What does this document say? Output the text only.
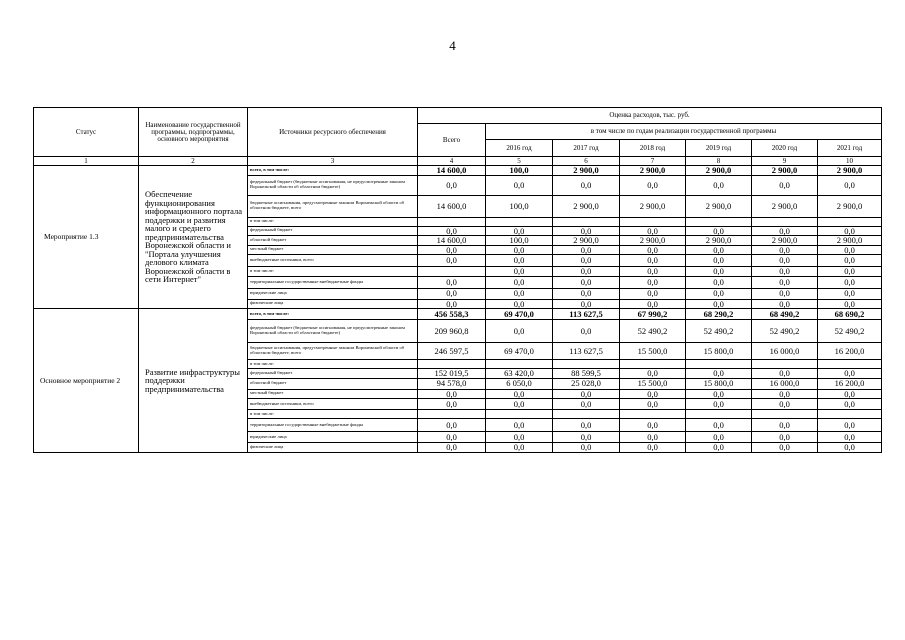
4
Статус	Наименование государственной программы, подпрограммы, основного мероприятия	Источники ресурсного обеспечения	Оценка расходов, тыс. руб.						
			Всего	в том числе по годам реализации государственной программы					
				2016 год	2017 год	2018 год	2019 год	2020 год	2021 год
1	2	3	4	5	6	7	8	9	10
Мероприятие 1.3	Обеспечение функционирования информационного портала поддержки и развития малого и среднего предпринимательства Воронежской области и "Портала улучшения делового климата Воронежской области в сети Интернет"	всего, в том числе:	14 600,0	100,0	2 900,0	2 900,0	2 900,0	2 900,0	2 900,0
		федеральный бюджет (бюджетные ассигнования, не предусмотренные законом Воронежской области об областном бюджете)	0,0	0,0	0,0	0,0	0,0	0,0	0,0
		бюджетные ассигнования, предусмотренные законом Воронежской области об областном бюджете, всего	14 600,0	100,0	2 900,0	2 900,0	2 900,0	2 900,0	2 900,0
		в том числе:							
		федеральный бюджет	0,0	0,0	0,0	0,0	0,0	0,0	0,0
		областной бюджет	14 600,0	100,0	2 900,0	2 900,0	2 900,0	2 900,0	2 900,0
		местный бюджет	0,0	0,0	0,0	0,0	0,0	0,0	0,0
		внебюджетные источники, всего	0,0	0,0	0,0	0,0	0,0	0,0	0,0
		в том числе:		0,0	0,0	0,0	0,0	0,0	0,0
		территориальные государственные внебюджетные фонды	0,0	0,0	0,0	0,0	0,0	0,0	0,0
		юридические лица	0,0	0,0	0,0	0,0	0,0	0,0	0,0
		физические лица	0,0	0,0	0,0	0,0	0,0	0,0	0,0
Основное мероприятие 2	Развитие инфраструктуры поддержки предпринимательства	всего, в том числе:	456 558,3	69 470,0	113 627,5	67 990,2	68 290,2	68 490,2	68 690,2
		федеральный бюджет (бюджетные ассигнования, не предусмотренные законом Воронежской области об областном бюджете)	209 960,8	0,0	0,0	52 490,2	52 490,2	52 490,2	52 490,2
		бюджетные ассигнования, предусмотренные законом Воронежской области об областном бюджете, всего	246 597,5	69 470,0	113 627,5	15 500,0	15 800,0	16 000,0	16 200,0
		в том числе:							
		федеральный бюджет	152 019,5	63 420,0	88 599,5	0,0	0,0	0,0	0,0
		областной бюджет	94 578,0	6 050,0	25 028,0	15 500,0	15 800,0	16 000,0	16 200,0
		местный бюджет	0,0	0,0	0,0	0,0	0,0	0,0	0,0
		внебюджетные источники, всего	0,0	0,0	0,0	0,0	0,0	0,0	0,0
		в том числе:							
		территориальные государственные внебюджетные фонды	0,0	0,0	0,0	0,0	0,0	0,0	0,0
		юридические лица	0,0	0,0	0,0	0,0	0,0	0,0	0,0
		физические лица	0,0	0,0	0,0	0,0	0,0	0,0	0,0
